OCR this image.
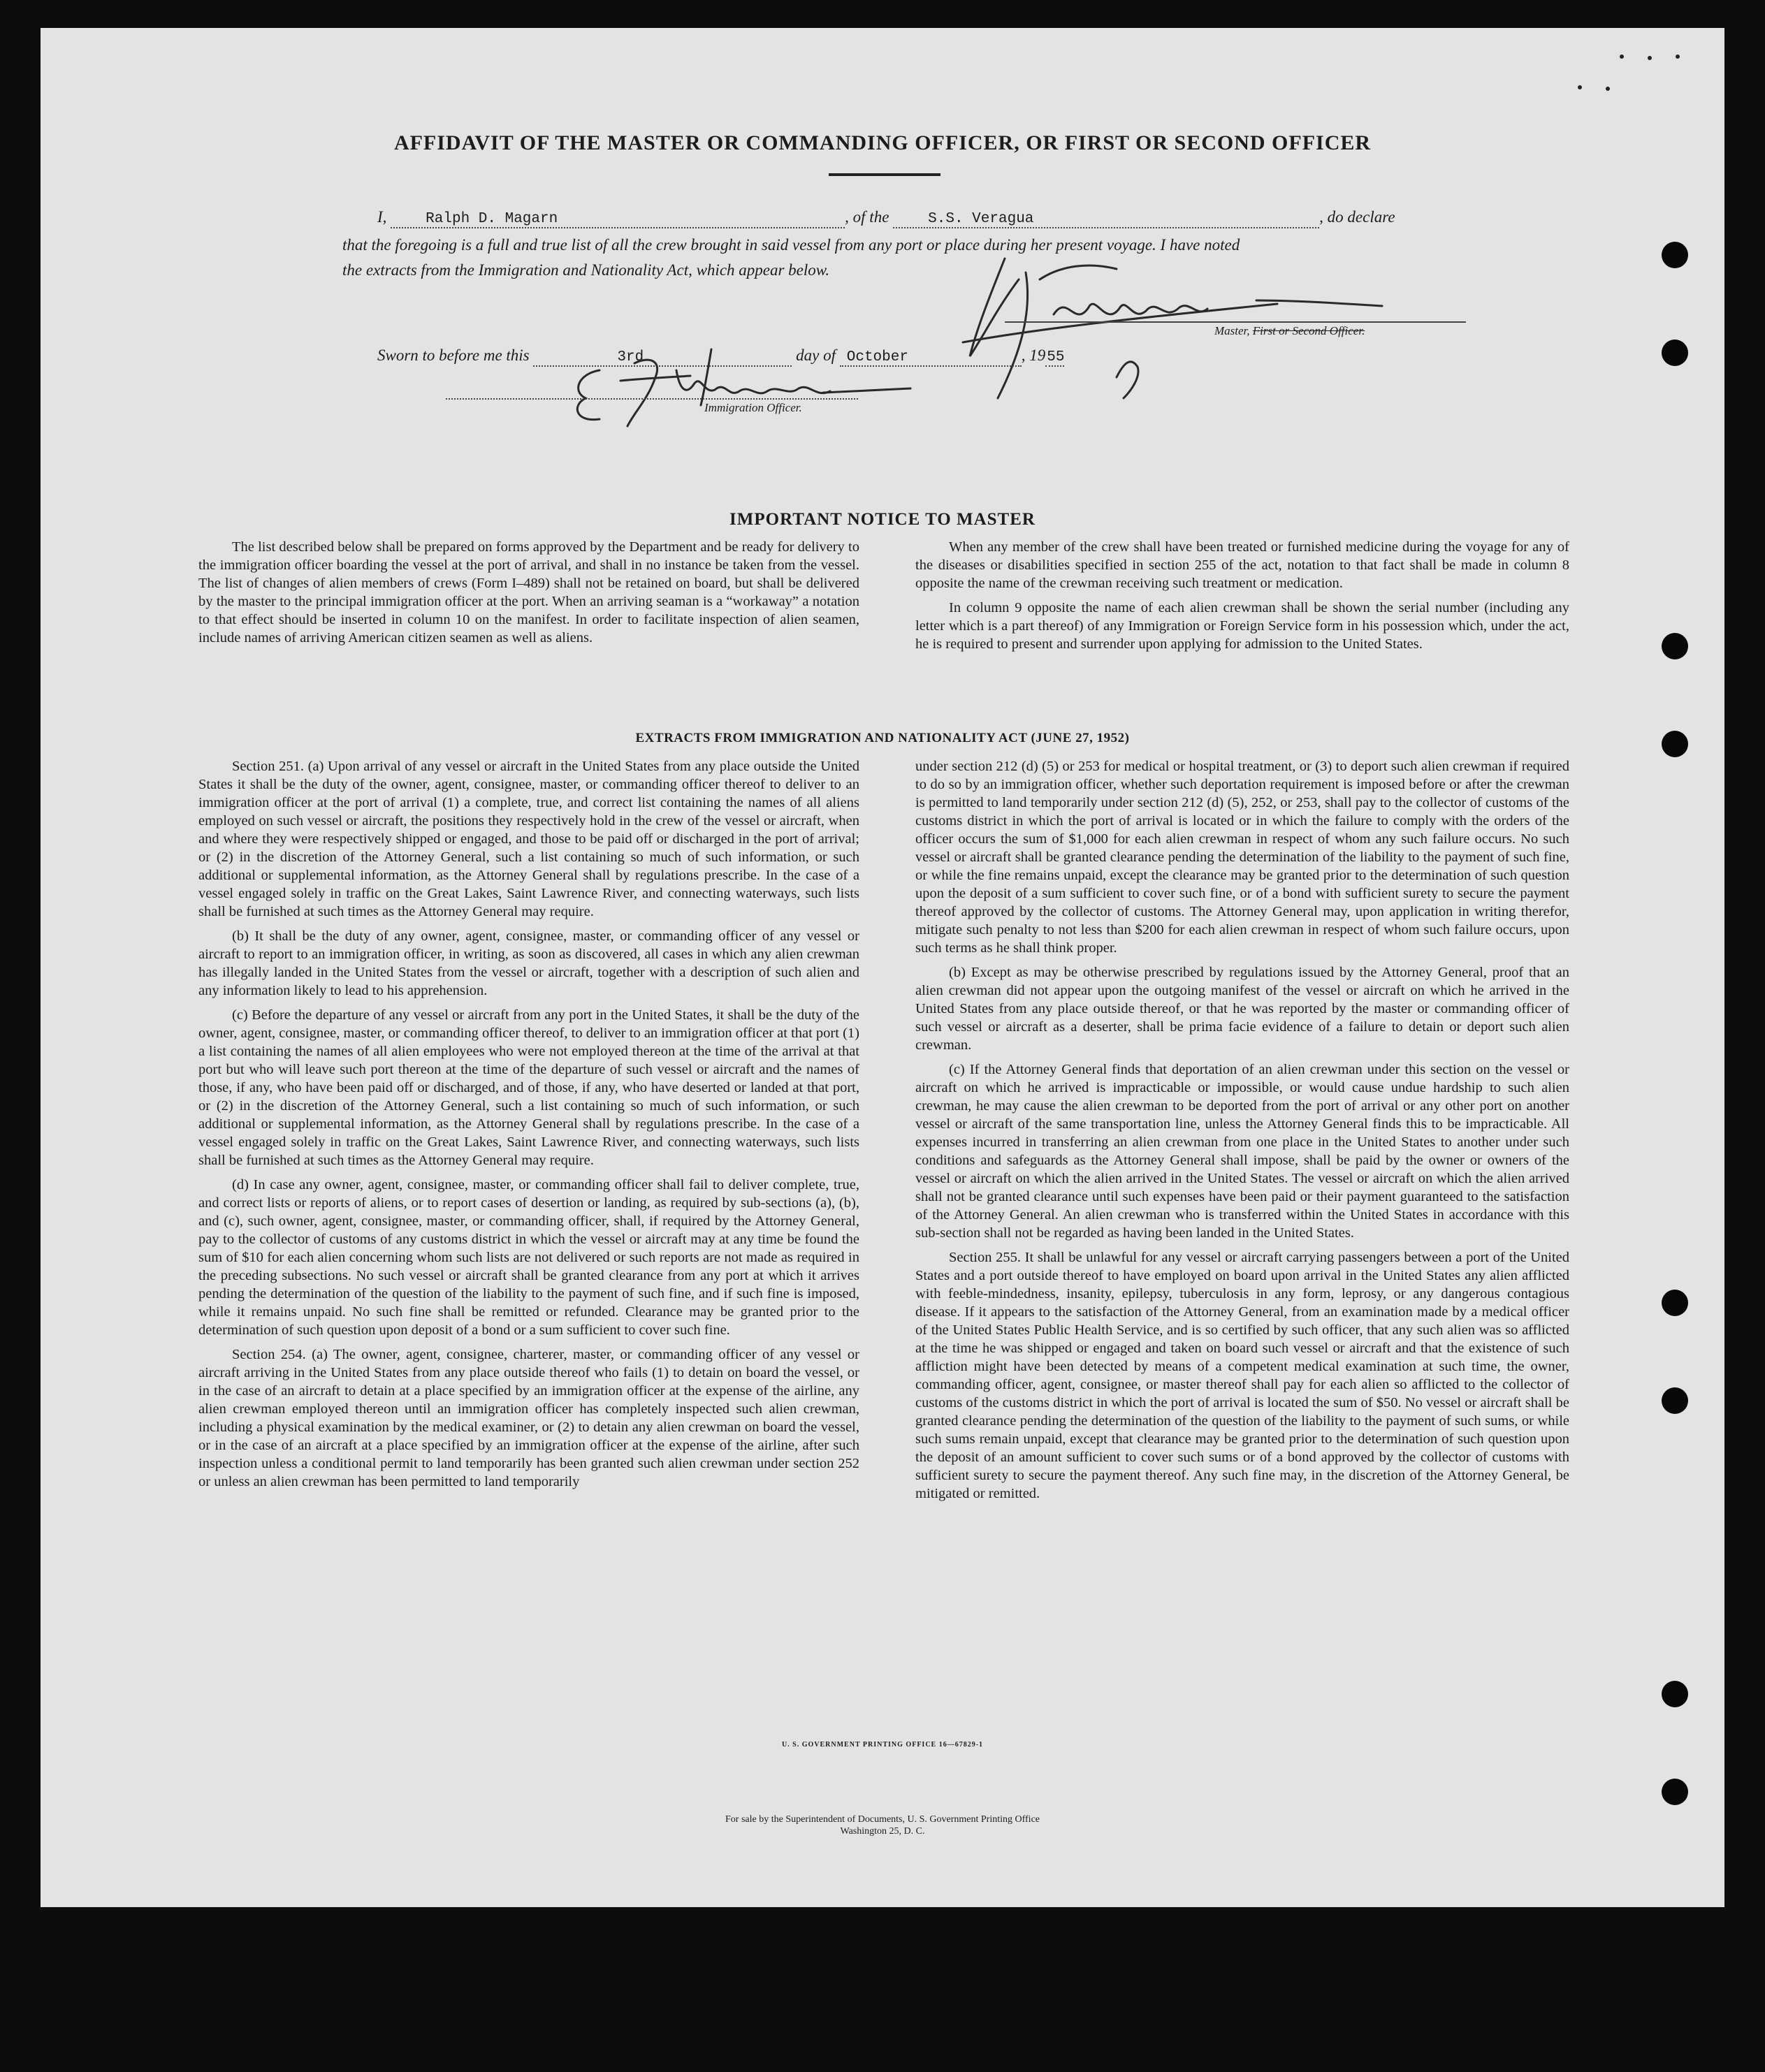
AFFIDAVIT OF THE MASTER OR COMMANDING OFFICER, OR FIRST OR SECOND OFFICER
I,	Ralph D. Magarn	, of the	S.S. Veragua	, do declare
that the foregoing is a full and true list of all the crew brought in said vessel from any port or place during her present voyage. I have noted
the extracts from the Immigration and Nationality Act, which appear below.
Master, First or Second Officer.
Sworn to before me this	3rd	day of October	, 1955
Immigration Officer.
IMPORTANT NOTICE TO MASTER

The list described below shall be prepared on forms approved by the Department and be ready for delivery to the immigration officer boarding the vessel at the port of arrival, and shall in no instance be taken from the vessel. The list of changes of alien members of crews (Form I–489) shall not be retained on board, but shall be delivered by the master to the principal immigration officer at the port. When an arriving seaman is a “workaway” a notation to that effect should be inserted in column 10 on the manifest. In order to facilitate inspection of alien seamen, include names of arriving American citizen seamen as well as aliens.

When any member of the crew shall have been treated or furnished medicine during the voyage for any of the diseases or disabilities specified in section 255 of the act, notation to that fact shall be made in column 8 opposite the name of the crewman receiving such treatment or medication.

In column 9 opposite the name of each alien crewman shall be shown the serial number (including any letter which is a part thereof) of any Immigration or Foreign Service form in his possession which, under the act, he is required to present and surrender upon applying for admission to the United States.

EXTRACTS FROM IMMIGRATION AND NATIONALITY ACT (JUNE 27, 1952)

Section 251. (a) Upon arrival of any vessel or aircraft in the United States from any place outside the United States it shall be the duty of the owner, agent, consignee, master, or commanding officer thereof to deliver to an immigration officer at the port of arrival (1) a complete, true, and correct list containing the names of all aliens employed on such vessel or aircraft, the positions they respectively hold in the crew of the vessel or aircraft, when and where they were respectively shipped or engaged, and those to be paid off or discharged in the port of arrival; or (2) in the discretion of the Attorney General, such a list containing so much of such information, or such additional or supplemental information, as the Attorney General shall by regulations prescribe. In the case of a vessel engaged solely in traffic on the Great Lakes, Saint Lawrence River, and connecting waterways, such lists shall be furnished at such times as the Attorney General may require.

(b) It shall be the duty of any owner, agent, consignee, master, or commanding officer of any vessel or aircraft to report to an immigration officer, in writing, as soon as discovered, all cases in which any alien crewman has illegally landed in the United States from the vessel or aircraft, together with a description of such alien and any information likely to lead to his apprehension.

(c) Before the departure of any vessel or aircraft from any port in the United States, it shall be the duty of the owner, agent, consignee, master, or commanding officer thereof, to deliver to an immigration officer at that port (1) a list containing the names of all alien employees who were not employed thereon at the time of the arrival at that port but who will leave such port thereon at the time of the departure of such vessel or aircraft and the names of those, if any, who have been paid off or discharged, and of those, if any, who have deserted or landed at that port, or (2) in the discretion of the Attorney General, such a list containing so much of such information, or such additional or supplemental information, as the Attorney General shall by regulations prescribe. In the case of a vessel engaged solely in traffic on the Great Lakes, Saint Lawrence River, and connecting waterways, such lists shall be furnished at such times as the Attorney General may require.

(d) In case any owner, agent, consignee, master, or commanding officer shall fail to deliver complete, true, and correct lists or reports of aliens, or to report cases of desertion or landing, as required by sub-sections (a), (b), and (c), such owner, agent, consignee, master, or commanding officer, shall, if required by the Attorney General, pay to the collector of customs of any customs district in which the vessel or aircraft may at any time be found the sum of $10 for each alien concerning whom such lists are not delivered or such reports are not made as required in the preceding subsections. No such vessel or aircraft shall be granted clearance from any port at which it arrives pending the determination of the question of the liability to the payment of such fine, and if such fine is imposed, while it remains unpaid. No such fine shall be remitted or refunded. Clearance may be granted prior to the determination of such question upon deposit of a bond or a sum sufficient to cover such fine.

Section 254. (a) The owner, agent, consignee, charterer, master, or commanding officer of any vessel or aircraft arriving in the United States from any place outside thereof who fails (1) to detain on board the vessel, or in the case of an aircraft to detain at a place specified by an immigration officer at the expense of the airline, any alien crewman employed thereon until an immigration officer has completely inspected such alien crewman, including a physical examination by the medical examiner, or (2) to detain any alien crewman on board the vessel, or in the case of an aircraft at a place specified by an immigration officer at the expense of the airline, after such inspection unless a conditional permit to land temporarily has been granted such alien crewman under section 252 or unless an alien crewman has been permitted to land temporarily

under section 212 (d) (5) or 253 for medical or hospital treatment, or (3) to deport such alien crewman if required to do so by an immigration officer, whether such deportation requirement is imposed before or after the crewman is permitted to land temporarily under section 212 (d) (5), 252, or 253, shall pay to the collector of customs of the customs district in which the port of arrival is located or in which the failure to comply with the orders of the officer occurs the sum of $1,000 for each alien crewman in respect of whom any such failure occurs. No such vessel or aircraft shall be granted clearance pending the determination of the liability to the payment of such fine, or while the fine remains unpaid, except the clearance may be granted prior to the determination of such question upon the deposit of a sum sufficient to cover such fine, or of a bond with sufficient surety to secure the payment thereof approved by the collector of customs. The Attorney General may, upon application in writing therefor, mitigate such penalty to not less than $200 for each alien crewman in respect of whom such failure occurs, upon such terms as he shall think proper.

(b) Except as may be otherwise prescribed by regulations issued by the Attorney General, proof that an alien crewman did not appear upon the outgoing manifest of the vessel or aircraft on which he arrived in the United States from any place outside thereof, or that he was reported by the master or commanding officer of such vessel or aircraft as a deserter, shall be prima facie evidence of a failure to detain or deport such alien crewman.

(c) If the Attorney General finds that deportation of an alien crewman under this section on the vessel or aircraft on which he arrived is impracticable or impossible, or would cause undue hardship to such alien crewman, he may cause the alien crewman to be deported from the port of arrival or any other port on another vessel or aircraft of the same transportation line, unless the Attorney General finds this to be impracticable. All expenses incurred in transferring an alien crewman from one place in the United States to another under such conditions and safeguards as the Attorney General shall impose, shall be paid by the owner or owners of the vessel or aircraft on which the alien arrived in the United States. The vessel or aircraft on which the alien arrived shall not be granted clearance until such expenses have been paid or their payment guaranteed to the satisfaction of the Attorney General. An alien crewman who is transferred within the United States in accordance with this sub-section shall not be regarded as having been landed in the United States.

Section 255. It shall be unlawful for any vessel or aircraft carrying passengers between a port of the United States and a port outside thereof to have employed on board upon arrival in the United States any alien afflicted with feeble-mindedness, insanity, epilepsy, tuberculosis in any form, leprosy, or any dangerous contagious disease. If it appears to the satisfaction of the Attorney General, from an examination made by a medical officer of the United States Public Health Service, and is so certified by such officer, that any such alien was so afflicted at the time he was shipped or engaged and taken on board such vessel or aircraft and that the existence of such affliction might have been detected by means of a competent medical examination at such time, the owner, commanding officer, agent, consignee, or master thereof shall pay for each alien so afflicted to the collector of customs of the customs district in which the port of arrival is located the sum of $50. No vessel or aircraft shall be granted clearance pending the determination of the question of the liability to the payment of such sums, or while such sums remain unpaid, except that clearance may be granted prior to the determination of such question upon the deposit of an amount sufficient to cover such sums or of a bond approved by the collector of customs with sufficient surety to secure the payment thereof. Any such fine may, in the discretion of the Attorney General, be mitigated or remitted.

U. S. GOVERNMENT PRINTING OFFICE 16—67829-1
For sale by the Superintendent of Documents, U. S. Government Printing Office
Washington 25, D. C.
